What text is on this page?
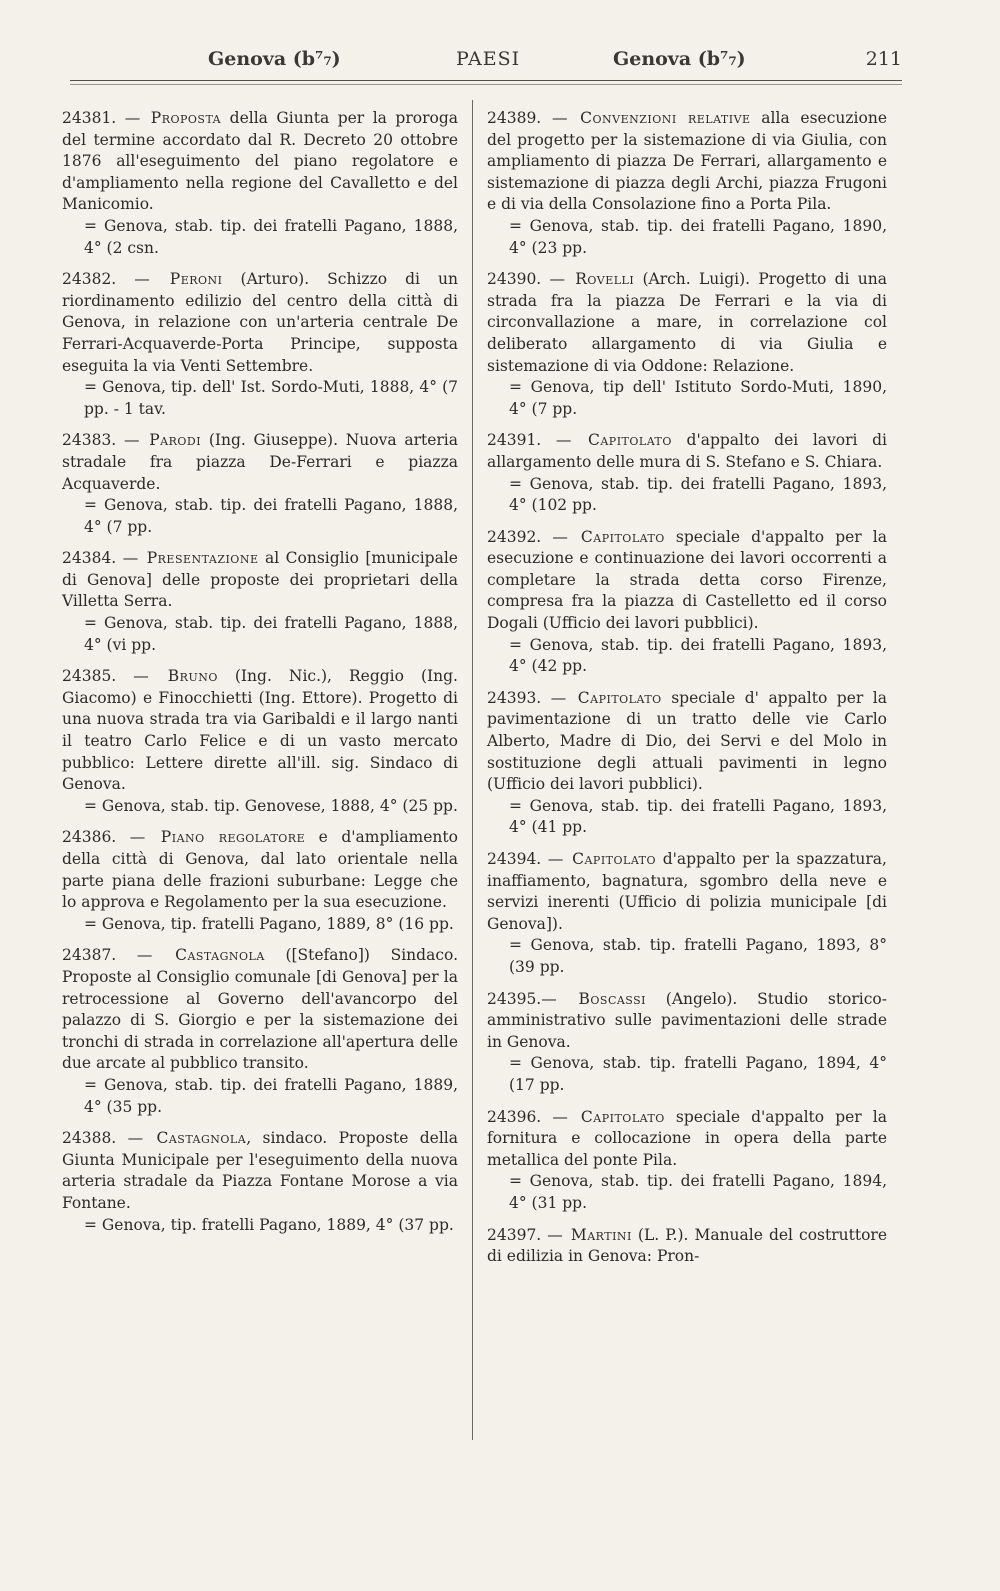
Genova (b⁷₇)	PAESI	Genova (b⁷₇)	211

24381. — Proposta della Giunta per la proroga del termine accordato dal R. Decreto 20 ottobre 1876 all'eseguimento del piano regolatore e d'ampliamento nella regione del Cavalletto e del Manicomio.

= Genova, stab. tip. dei fratelli Pagano, 1888, 4° (2 csn.

24382. — Peroni (Arturo). Schizzo di un riordinamento edilizio del centro della città di Genova, in relazione con un'arteria centrale De Ferrari-Acquaverde-Porta Principe, supposta eseguita la via Venti Settembre.

= Genova, tip. dell' Ist. Sordo-Muti, 1888, 4° (7 pp. - 1 tav.

24383. — Parodi (Ing. Giuseppe). Nuova arteria stradale fra piazza De-Ferrari e piazza Acquaverde.

= Genova, stab. tip. dei fratelli Pagano, 1888, 4° (7 pp.

24384. — Presentazione al Consiglio [municipale di Genova] delle proposte dei proprietari della Villetta Serra.

= Genova, stab. tip. dei fratelli Pagano, 1888, 4° (vi pp.

24385. — Bruno (Ing. Nic.), Reggio (Ing. Giacomo) e Finocchietti (Ing. Ettore). Progetto di una nuova strada tra via Garibaldi e il largo nanti il teatro Carlo Felice e di un vasto mercato pubblico: Lettere dirette all'ill. sig. Sindaco di Genova.

= Genova, stab. tip. Genovese, 1888, 4° (25 pp.

24386. — Piano regolatore e d'ampliamento della città di Genova, dal lato orientale nella parte piana delle frazioni suburbane: Legge che lo approva e Regolamento per la sua esecuzione.

= Genova, tip. fratelli Pagano, 1889, 8° (16 pp.

24387. — Castagnola ([Stefano]) Sindaco. Proposte al Consiglio comunale [di Genova] per la retrocessione al Governo dell'avancorpo del palazzo di S. Giorgio e per la sistemazione dei tronchi di strada in correlazione all'apertura delle due arcate al pubblico transito.

= Genova, stab. tip. dei fratelli Pagano, 1889, 4° (35 pp.

24388. — Castagnola, sindaco. Proposte della Giunta Municipale per l'eseguimento della nuova arteria stradale da Piazza Fontane Morose a via Fontane.

= Genova, tip. fratelli Pagano, 1889, 4° (37 pp.

24389. — Convenzioni relative alla esecuzione del progetto per la sistemazione di via Giulia, con ampliamento di piazza De Ferrari, allargamento e sistemazione di piazza degli Archi, piazza Frugoni e di via della Consolazione fino a Porta Pila.

= Genova, stab. tip. dei fratelli Pagano, 1890, 4° (23 pp.

24390. — Rovelli (Arch. Luigi). Progetto di una strada fra la piazza De Ferrari e la via di circonvallazione a mare, in correlazione col deliberato allargamento di via Giulia e sistemazione di via Oddone: Relazione.

= Genova, tip dell' Istituto Sordo-Muti, 1890, 4° (7 pp.

24391. — Capitolato d'appalto dei lavori di allargamento delle mura di S. Stefano e S. Chiara.

= Genova, stab. tip. dei fratelli Pagano, 1893, 4° (102 pp.

24392. — Capitolato speciale d'appalto per la esecuzione e continuazione dei lavori occorrenti a completare la strada detta corso Firenze, compresa fra la piazza di Castelletto ed il corso Dogali (Ufficio dei lavori pubblici).

= Genova, stab. tip. dei fratelli Pagano, 1893, 4° (42 pp.

24393. — Capitolato speciale d' appalto per la pavimentazione di un tratto delle vie Carlo Alberto, Madre di Dio, dei Servi e del Molo in sostituzione degli attuali pavimenti in legno (Ufficio dei lavori pubblici).

= Genova, stab. tip. dei fratelli Pagano, 1893, 4° (41 pp.

24394. — Capitolato d'appalto per la spazzatura, inaffiamento, bagnatura, sgombro della neve e servizi inerenti (Ufficio di polizia municipale [di Genova]).

= Genova, stab. tip. fratelli Pagano, 1893, 8° (39 pp.

24395.— Boscassi (Angelo). Studio storico-amministrativo sulle pavimentazioni delle strade in Genova.

= Genova, stab. tip. fratelli Pagano, 1894, 4° (17 pp.

24396. — Capitolato speciale d'appalto per la fornitura e collocazione in opera della parte metallica del ponte Pila.

= Genova, stab. tip. dei fratelli Pagano, 1894, 4° (31 pp.

24397. — Martini (L. P.). Manuale del costruttore di edilizia in Genova: Pron-
